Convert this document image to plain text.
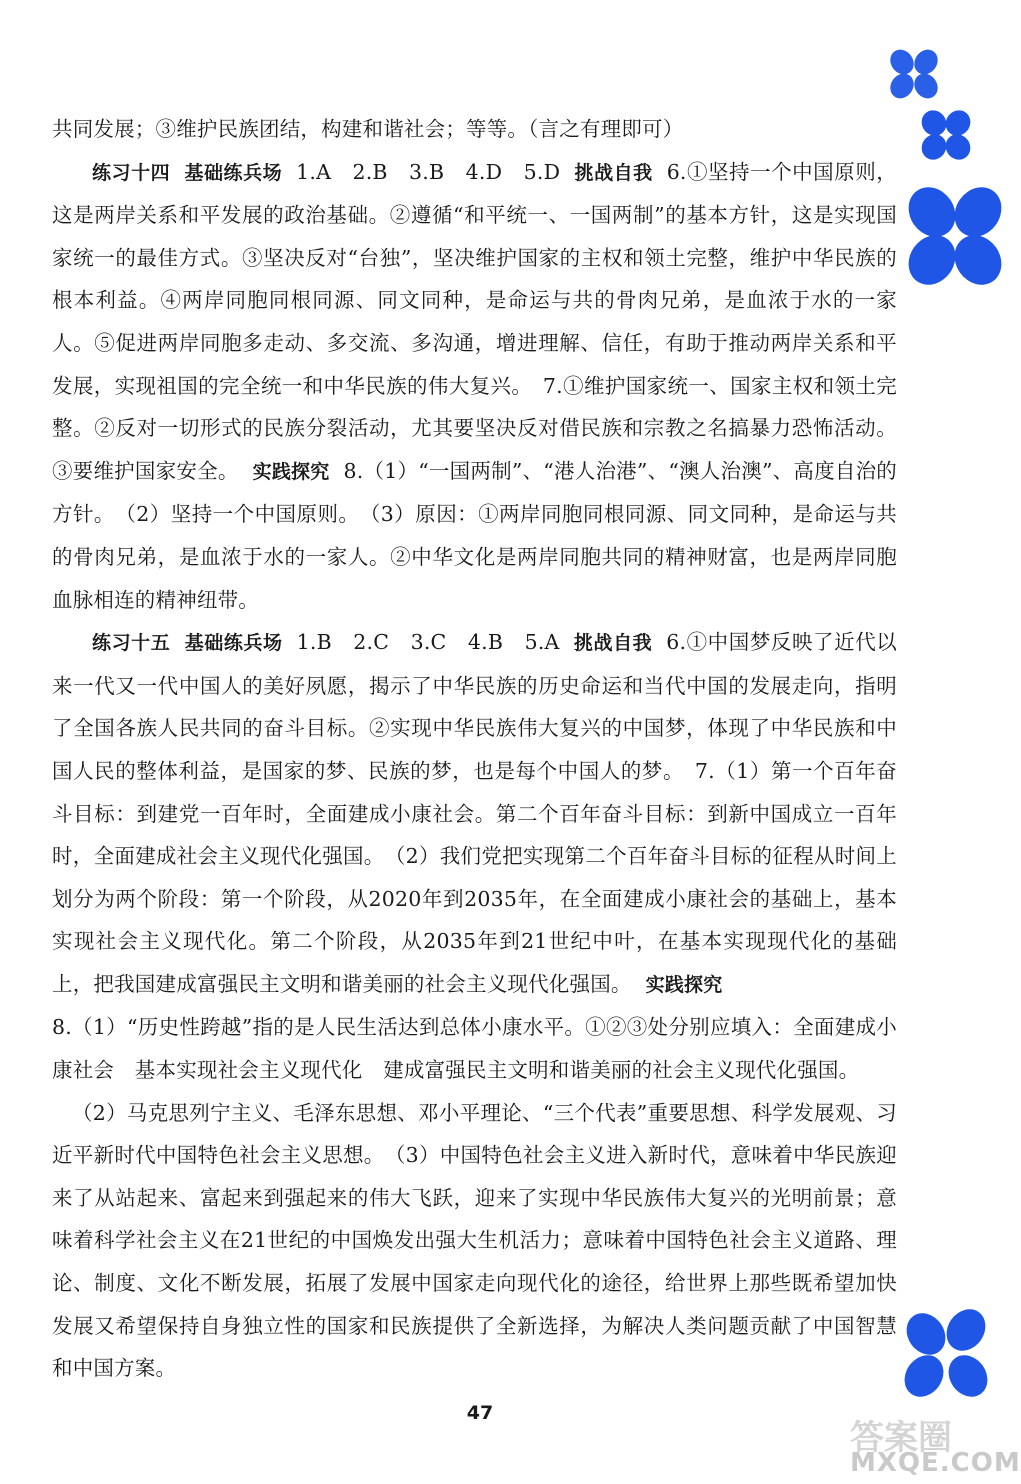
共同发展；③维护民族团结，构建和谐社会；等等。（言之有理即可）

练习十四 基础练兵场 1.A　2.B　3.B　4.D　5.D 挑战自我 6.①坚持一个中国原则，这是两岸关系和平发展的政治基础。②遵循“和平统一、一国两制”的基本方针，这是实现国家统一的最佳方式。③坚决反对“台独”，坚决维护国家的主权和领土完整，维护中华民族的根本利益。④两岸同胞同根同源、同文同种，是命运与共的骨肉兄弟，是血浓于水的一家人。⑤促进两岸同胞多走动、多交流、多沟通，增进理解、信任，有助于推动两岸关系和平发展，实现祖国的完全统一和中华民族的伟大复兴。　7.①维护国家统一、国家主权和领土完整。②反对一切形式的民族分裂活动，尤其要坚决反对借民族和宗教之名搞暴力恐怖活动。③要维护国家安全。 实践探究 8.（1）“一国两制”、“港人治港”、“澳人治澳”、高度自治的方针。　（2）坚持一个中国原则。　（3）原因：①两岸同胞同根同源、同文同种，是命运与共的骨肉兄弟，是血浓于水的一家人。②中华文化是两岸同胞共同的精神财富，也是两岸同胞血脉相连的精神纽带。

练习十五 基础练兵场 1.B　2.C　3.C　4.B　5.A 挑战自我 6.①中国梦反映了近代以来一代又一代中国人的美好夙愿，揭示了中华民族的历史命运和当代中国的发展走向，指明了全国各族人民共同的奋斗目标。②实现中华民族伟大复兴的中国梦，体现了中华民族和中国人民的整体利益，是国家的梦、民族的梦，也是每个中国人的梦。　7.（1）第一个百年奋斗目标：到建党一百年时，全面建成小康社会。第二个百年奋斗目标：到新中国成立一百年时，全面建成社会主义现代化强国。　（2）我们党把实现第二个百年奋斗目标的征程从时间上划分为两个阶段：第一个阶段，从2020年到2035年，在全面建成小康社会的基础上，基本实现社会主义现代化。第二个阶段，从2035年到21世纪中叶，在基本实现现代化的基础上，把我国建成富强民主文明和谐美丽的社会主义现代化强国。 实践探究

8.（1）“历史性跨越”指的是人民生活达到总体小康水平。①②③处分别应填入：全面建成小康社会　基本实现社会主义现代化　建成富强民主文明和谐美丽的社会主义现代化强国。

（2）马克思列宁主义、毛泽东思想、邓小平理论、“三个代表”重要思想、科学发展观、习近平新时代中国特色社会主义思想。　（3）中国特色社会主义进入新时代，意味着中华民族迎来了从站起来、富起来到强起来的伟大飞跃，迎来了实现中华民族伟大复兴的光明前景；意味着科学社会主义在21世纪的中国焕发出强大生机活力；意味着中国特色社会主义道路、理论、制度、文化不断发展，拓展了发展中国家走向现代化的途径，给世界上那些既希望加快发展又希望保持自身独立性的国家和民族提供了全新选择，为解决人类问题贡献了中国智慧和中国方案。

47
答案圈
MXQE.COM
